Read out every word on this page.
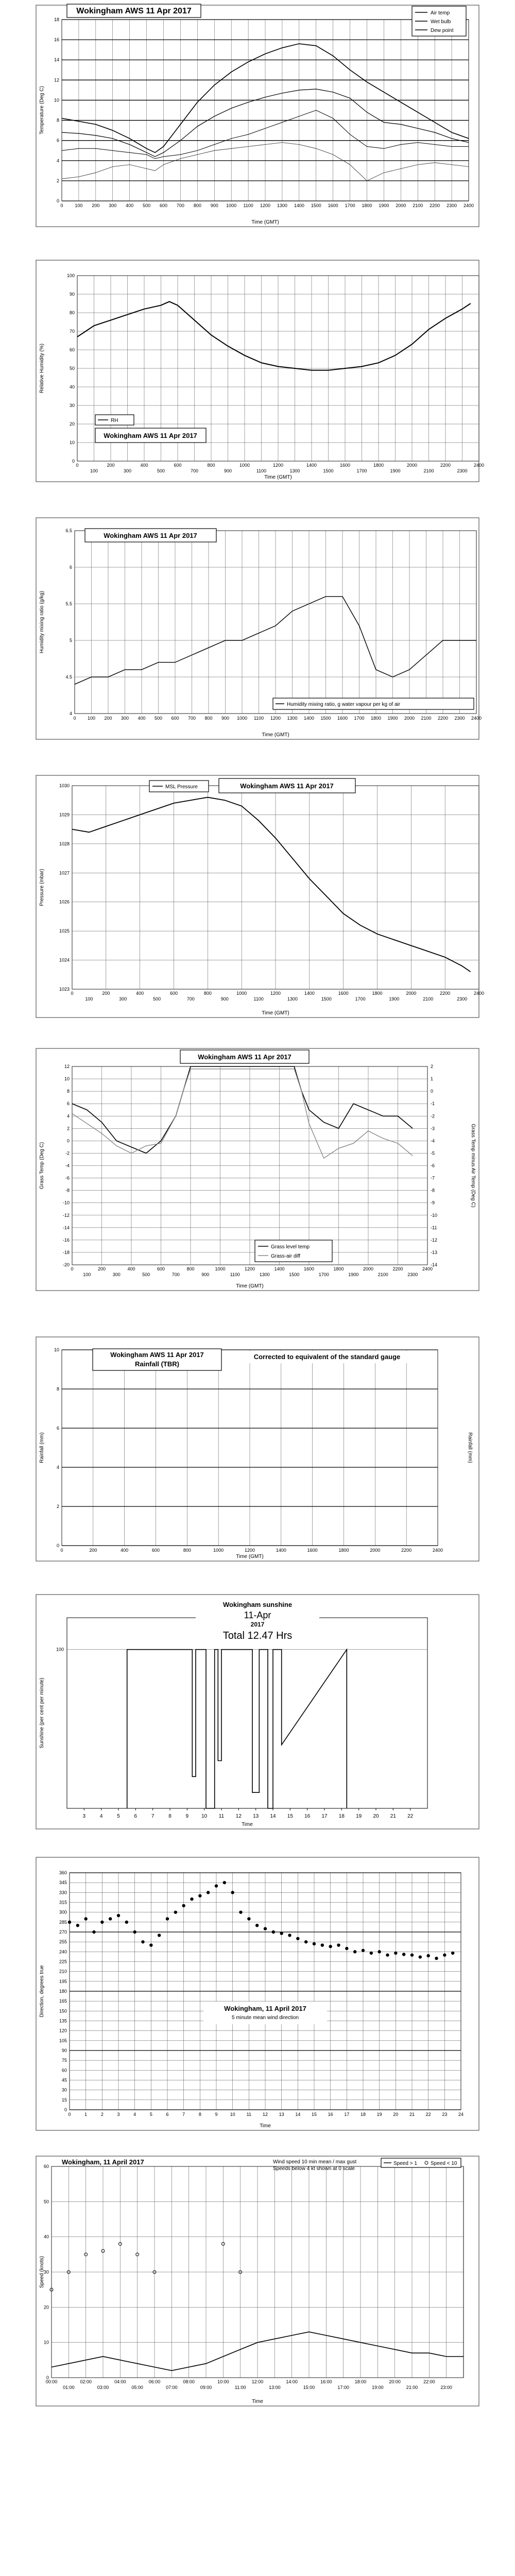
0	100 200 300 400 500 600 700 800 900 1000 1100 1200 1300 1400 1500 1600 1700 1800 1900 2000 2100 2200 2300 2400
0
2
4
6
8
10
12
14
16
18
Time (GMT)
Temperature (Deg C)
Wokingham AWS 11 Apr 2017	Air temp
Wet bulb
Dew point
0	200	400	600	800	1000	1200	1400	1600	1800	2000	2200	2400
100	300	500	700	900	1100	1300	1500	1700	1900	2100	2300
0
10
20
30
40
50
60
70
80
90
100
Time (GMT)
Relative Humidity (%)
RH
Wokingham AWS 11 Apr 2017
0 100 200 300 400 500 600 700 800 900 1000 1100 1200 1300 1400 1500 1600 1700 1800 1900 2000 2100 2200 2300 2400
4
4.5
5
5.5
6
6.5
Time (GMT)
Humidity mixing ratio (g/kg)
Wokingham AWS 11 Apr 2017
Humidity mixing ratio, g water vapour per kg of air
0	200	400	600	800	1000	1200	1400	1600	1800	2000	2200	2400
100	300	500	700	900	1100	1300	1500	1700	1900	2100	2300
1023
1024
1025
1026
1027
1028
1029
1030
Time (GMT)
Pressure (mbar)
MSL Pressure	Wokingham AWS 11 Apr 2017
0	200	400	600	800	1000	1200	1400	1600	1800	2000	2200	2400
100	300	500	700	900	1100	1300	1500	1700	1900	2100	2300
-20
-18
-16
-14
-12
-10
-8
-6
-4
-2
0
2
4
6
8
10
12
-14
-13
-12
-11
-10
-9
-8
-7
-6
-5
-4
-3
-2
-1
0
1
2
Time (GMT)
Grass Temp (Deg C)	Grass Temp minus Air Temp (Deg C)
Wokingham AWS 11 Apr 2017
Grass level temp
Grass-air diff
0	200	400	600	800	1000	1200	1400	1600	1800	2000	2200	2400
0
2
4
6
8
10
Time (GMT)
Rainfall (mm)	Rainfall (mm)
Wokingham AWS 11 Apr 2017
Rainfall (TBR)
Corrected to equivalent of the standard gauge
100
3	4	5	6	7	8	9 10 11 12 13 14 15 16 17 18 19 20 21 22
Time
Sunshine (per cent per minute)
Wokingham sunshine
11-Apr
2017
Total 12.47 Hrs
0	1	2	3	4	5	6	7	8	9	10 11 12 13 14 15 16 17 18 19 20 21 22 23 24
0
15
30
45
60
75
90
105
120
135
150
165
180
195
210
225
240
255
270
285
300
315
330
345
360
Time
Direction, degrees true	Wokingham, 11 April 2017
5 minute mean wind direction
00:00	02:00	04:00	06:00	08:00	10:00	12:00	14:00	16:00	18:00	20:00	22:00
01:00	03:00	05:00	07:00	09:00	11:00	13:00	15:00	17:00	19:00	21:00	23:00
0
10
20
30
40
50
60
Time
Speed (knots)
Wokingham, 11 April 2017	Wind speed 10 min mean / max gust
Speeds below 4 kt shown at 0 scale
Speed > 1	Speed < 10
